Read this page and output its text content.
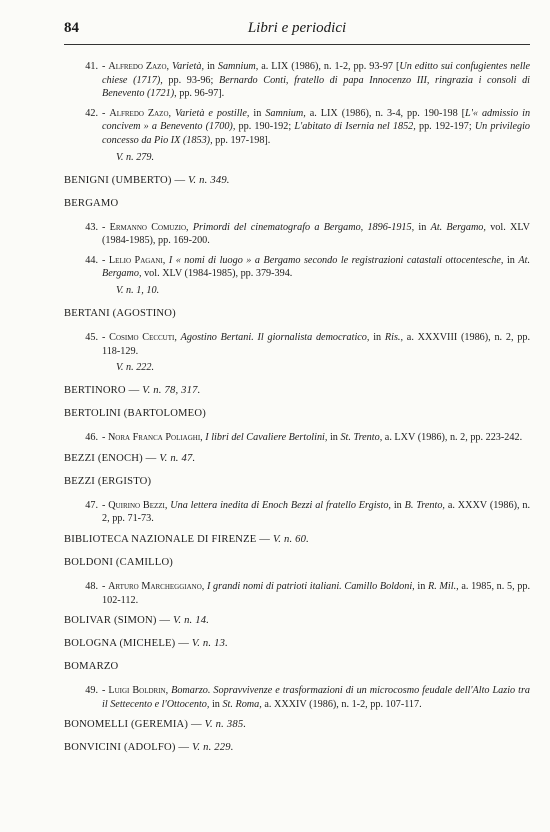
84	Libri e periodici
41. - Alfredo Zazo, Varietà, in Samnium, a. LIX (1986), n. 1-2, pp. 93-97 [Un editto sui confugientes nelle chiese (1717), pp. 93-96; Bernardo Conti, fratello di papa Innocenzo III, ringrazia i consoli di Benevento (1721), pp. 96-97].
42. - Alfredo Zazo, Varietà e postille, in Samnium, a. LIX (1986), n. 3-4, pp. 190-198 [L'« admissio in concivem » a Benevento (1700), pp. 190-192; L'abitato di Isernia nel 1852, pp. 192-197; Un privilegio concesso da Pio IX (1853), pp. 197-198].
V. n. 279.
BENIGNI (UMBERTO) — V. n. 349.
BERGAMO
43. - Ermanno Comuzio, Primordi del cinematografo a Bergamo, 1896-1915, in At. Bergamo, vol. XLV (1984-1985), pp. 169-200.
44. - Lelio Pagani, I « nomi di luogo » a Bergamo secondo le registrazioni catastali ottocentesche, in At. Bergamo, vol. XLV (1984-1985), pp. 379-394.
V. n. 1, 10.
BERTANI (AGOSTINO)
45. - Cosimo Ceccuti, Agostino Bertani. Il giornalista democratico, in Ris., a. XXXVIII (1986), n. 2, pp. 118-129.
V. n. 222.
BERTINORO — V. n. 78, 317.
BERTOLINI (BARTOLOMEO)
46. - Nora Franca Poliaghi, I libri del Cavaliere Bertolini, in St. Trento, a. LXV (1986), n. 2, pp. 223-242.
BEZZI (ENOCH) — V. n. 47.
BEZZI (ERGISTO)
47. - Quirino Bezzi, Una lettera inedita di Enoch Bezzi al fratello Ergisto, in B. Trento, a. XXXV (1986), n. 2, pp. 71-73.
BIBLIOTECA NAZIONALE DI FIRENZE — V. n. 60.
BOLDONI (CAMILLO)
48. - Arturo Marcheggiano, I grandi nomi di patrioti italiani. Camillo Boldoni, in R. Mil., a. 1985, n. 5, pp. 102-112.
BOLIVAR (SIMON) — V. n. 14.
BOLOGNA (MICHELE) — V. n. 13.
BOMARZO
49. - Luigi Boldrin, Bomarzo. Sopravvivenze e trasformazioni di un microcosmo feudale dell'Alto Lazio tra il Settecento e l'Ottocento, in St. Roma, a. XXXIV (1986), n. 1-2, pp. 107-117.
BONOMELLI (GEREMIA) — V. n. 385.
BONVICINI (ADOLFO) — V. n. 229.
